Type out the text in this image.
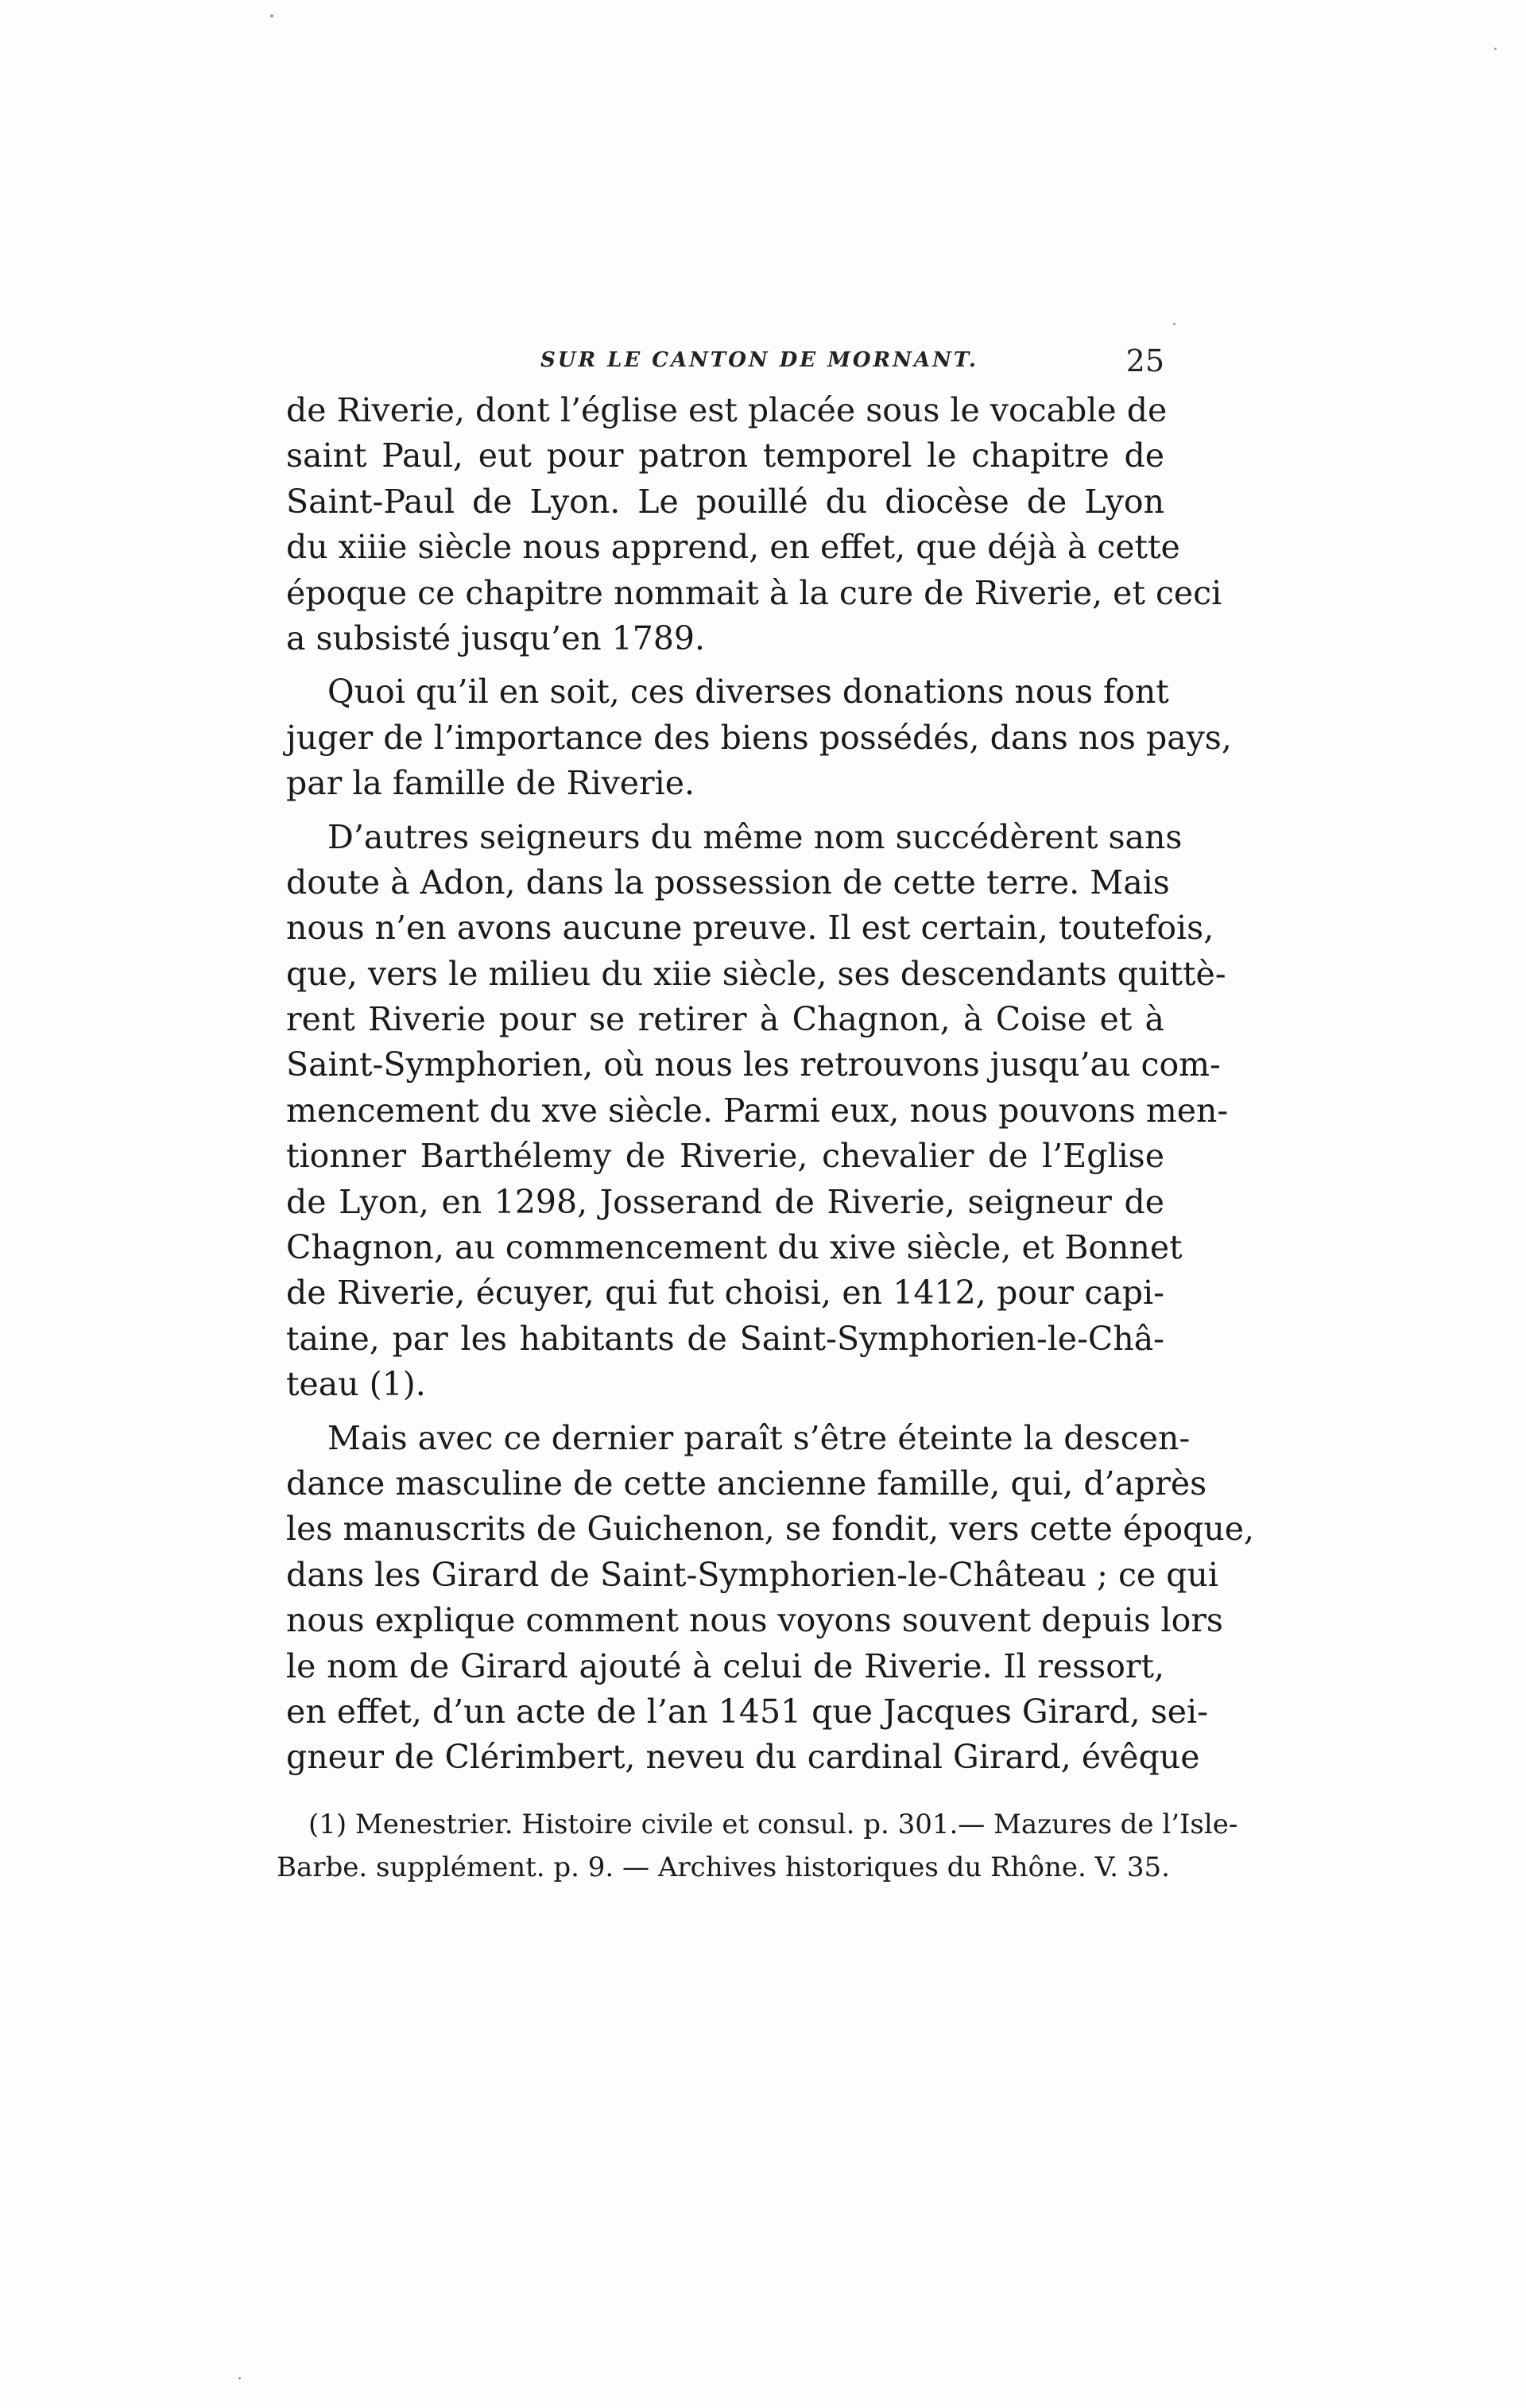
SUR LE CANTON DE MORNANT.	25
de Riverie, dont l’église est placée sous le vocable de
saint Paul, eut pour patron temporel le chapitre de
Saint-Paul de Lyon. Le pouillé du diocèse de Lyon
du xiiie siècle nous apprend, en effet, que déjà à cette
époque ce chapitre nommait à la cure de Riverie, et ceci
a subsisté jusqu’en 1789.
Quoi qu’il en soit, ces diverses donations nous font
juger de l’importance des biens possédés, dans nos pays,
par la famille de Riverie.
D’autres seigneurs du même nom succédèrent sans
doute à Adon, dans la possession de cette terre. Mais
nous n’en avons aucune preuve. Il est certain, toutefois,
que, vers le milieu du xiie siècle, ses descendants quittè-
rent Riverie pour se retirer à Chagnon, à Coise et à
Saint-Symphorien, où nous les retrouvons jusqu’au com-
mencement du xve siècle. Parmi eux, nous pouvons men-
tionner Barthélemy de Riverie, chevalier de l’Eglise
de Lyon, en 1298, Josserand de Riverie, seigneur de
Chagnon, au commencement du xive siècle, et Bonnet
de Riverie, écuyer, qui fut choisi, en 1412, pour capi-
taine, par les habitants de Saint-Symphorien-le-Châ-
teau (1).
Mais avec ce dernier paraît s’être éteinte la descen-
dance masculine de cette ancienne famille, qui, d’après
les manuscrits de Guichenon, se fondit, vers cette époque,
dans les Girard de Saint-Symphorien-le-Château ; ce qui
nous explique comment nous voyons souvent depuis lors
le nom de Girard ajouté à celui de Riverie. Il ressort,
en effet, d’un acte de l’an 1451 que Jacques Girard, sei-
gneur de Clérimbert, neveu du cardinal Girard, évêque
(1) Menestrier. Histoire civile et consul. p. 301.— Mazures de l’Isle-
Barbe. supplément. p. 9. — Archives historiques du Rhône. V. 35.
